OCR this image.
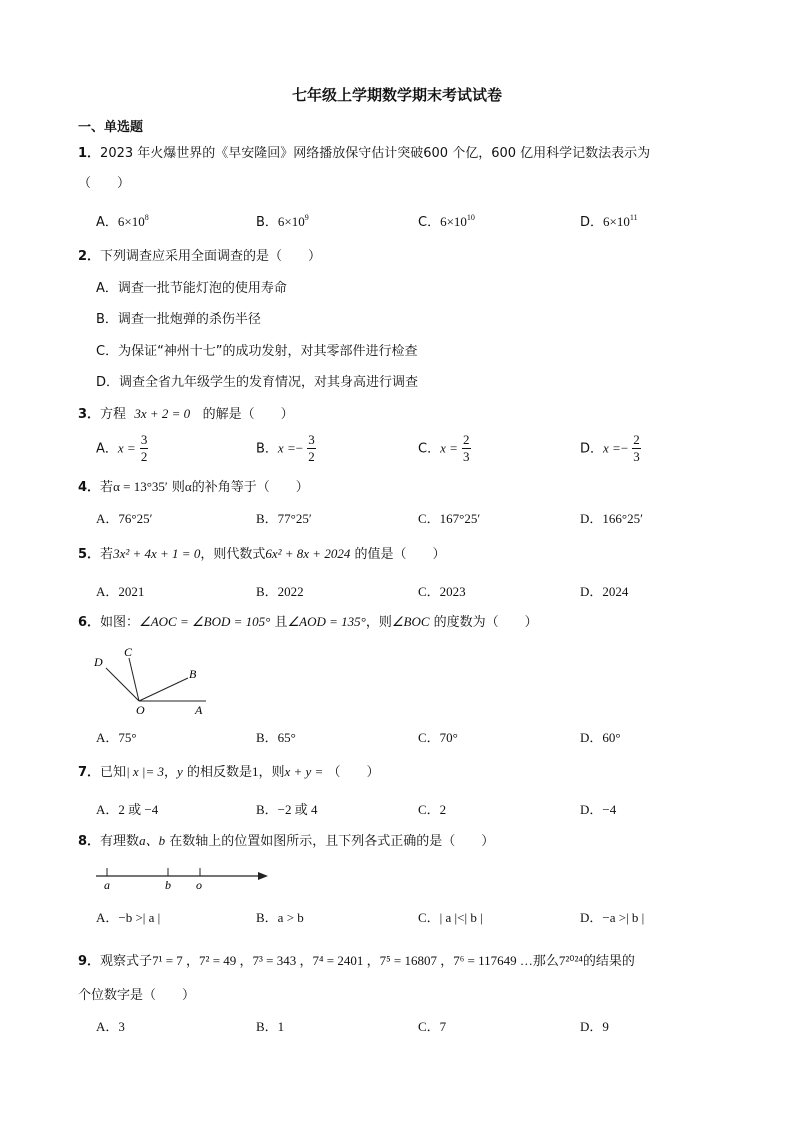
七年级上学期数学期末考试试卷
一、单选题
1．2023 年火爆世界的《早安隆回》网络播放保守估计突破600 个亿，600 亿用科学记数法表示为
（　　）
A．$6\times 10^8$	B．$6\times 10^9$	C．$6\times 10^{10}$	D．$6\times 10^{11}$
2．下列调查应采用全面调查的是（　　）
A．调查一批节能灯泡的使用寿命
B．调查一批炮弹的杀伤半径
C．为保证“神州十七”的成功发射，对其零部件进行检查
D．调查全省九年级学生的发育情况，对其身高进行调查
3．方程 3x + 2 = 0 的解是（　　）
A．$x = \frac{3}{2}$	B．$x =- \frac{3}{2}$	C．$x = \frac{2}{3}$	D．$x =- \frac{2}{3}$
4．若α = 13°35′ 则α的补角等于（　　）
A．76°25′	B．77°25′	C．167°25′	D．166°25′
5．若3x² + 4x + 1 = 0，则代数式6x² + 8x + 2024 的值是（　　）
A．2021	B．2022	C．2023	D．2024
6．如图：∠AOC = ∠BOD = 105° 且∠AOD = 135°，则∠BOC 的度数为（　　）
D
C
B
O	A
A．75°	B．65°	C．70°	D．60°
7．已知| x |= 3，y 的相反数是1，则x + y = （　　）
A．2 或 −4	B．−2 或 4	C．2	D．−4
8．有理数a、b 在数轴上的位置如图所示，且下列各式正确的是（　　）
a	b o
A．−b >| a |	B．a > b	C．| a |<| b |	D．−a >| b |
9．观察式子7¹ = 7 ，7² = 49 ，7³ = 343 ，7⁴ = 2401 ，7⁵ = 16807 ，7⁶ = 117649 …那么7²⁰²⁴的结果的
个位数字是（　　）
A．3	B．1	C．7	D．9
